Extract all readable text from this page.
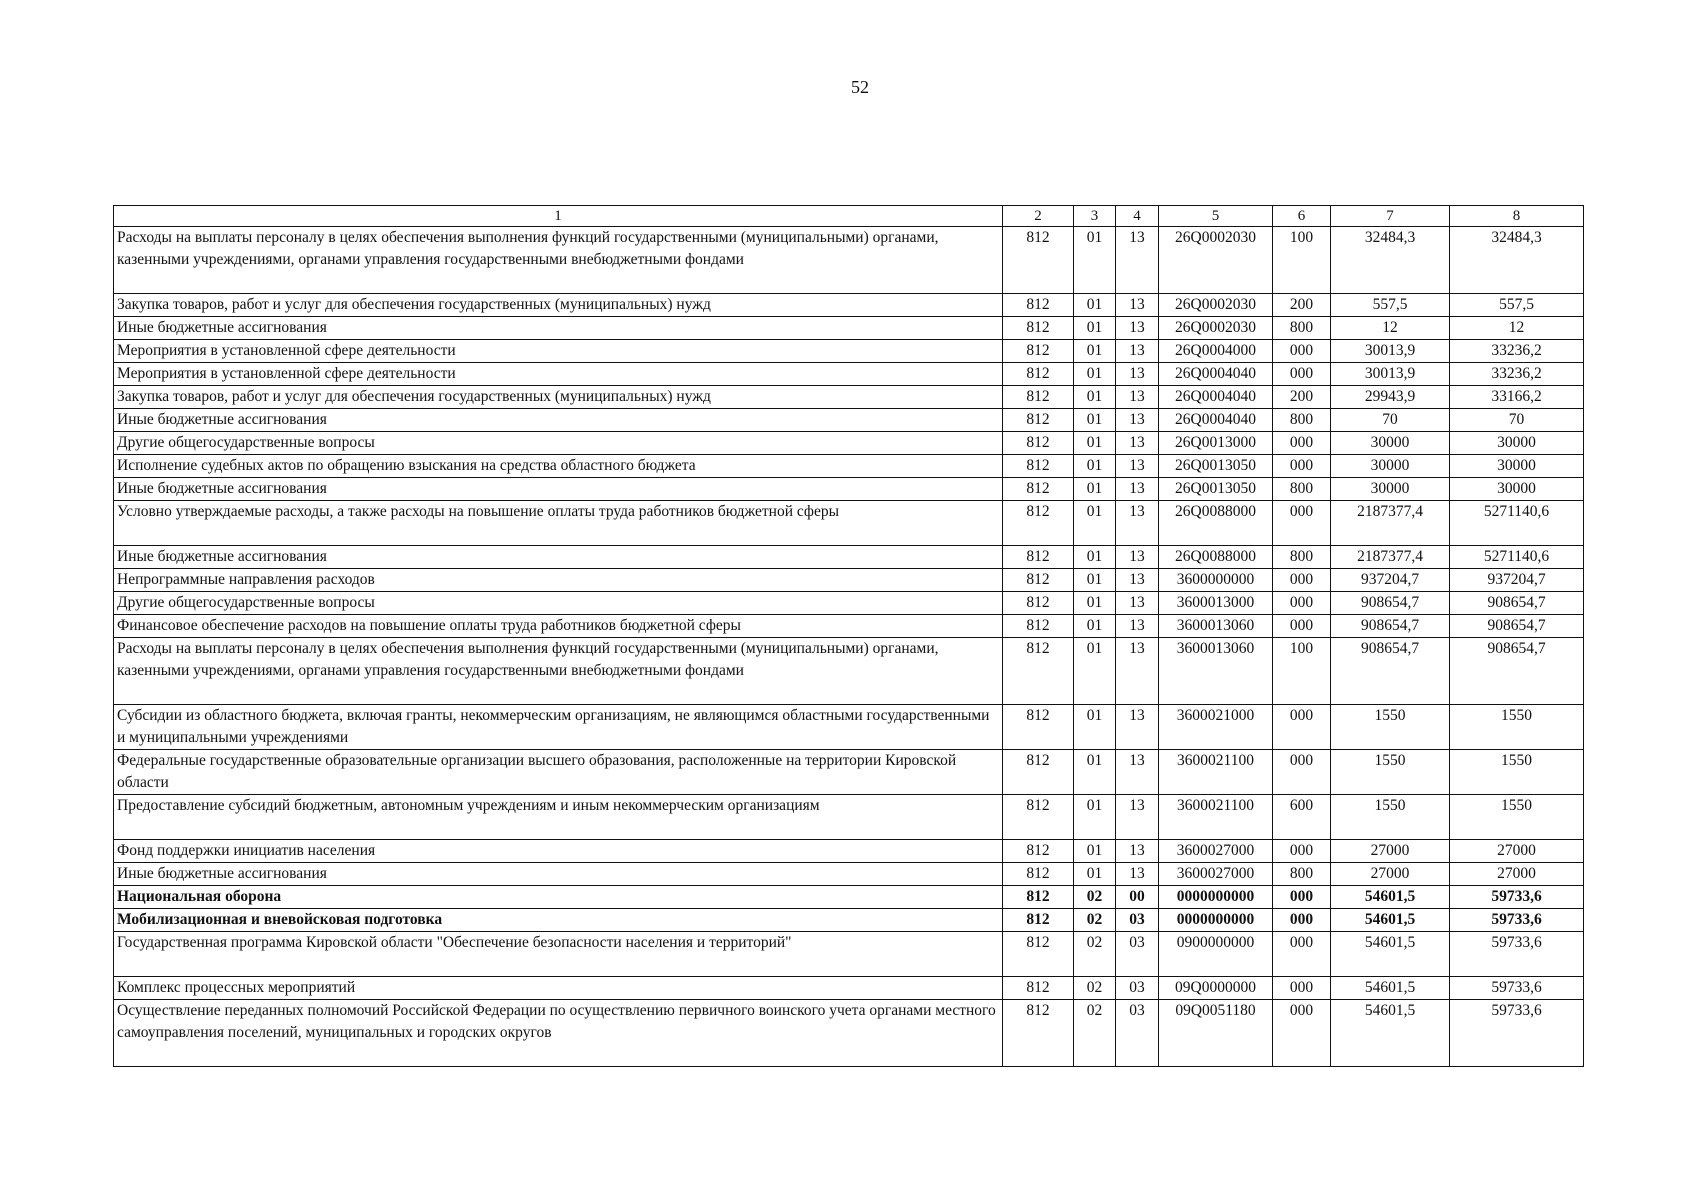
52
1	2	3	4	5	6	7	8
Расходы на выплаты персоналу в целях обеспечения выполнения функций государственными (муниципальными) органами, казенными учреждениями, органами управления государственными внебюджетными фондами	812	01	13	26Q0002030	100	32484,3	32484,3
Закупка товаров, работ и услуг для обеспечения государственных (муниципальных) нужд	812	01	13	26Q0002030	200	557,5	557,5
Иные бюджетные ассигнования	812	01	13	26Q0002030	800	12	12
Мероприятия в установленной сфере деятельности	812	01	13	26Q0004000	000	30013,9	33236,2
Мероприятия в установленной сфере деятельности	812	01	13	26Q0004040	000	30013,9	33236,2
Закупка товаров, работ и услуг для обеспечения государственных (муниципальных) нужд	812	01	13	26Q0004040	200	29943,9	33166,2
Иные бюджетные ассигнования	812	01	13	26Q0004040	800	70	70
Другие общегосударственные вопросы	812	01	13	26Q0013000	000	30000	30000
Исполнение судебных актов по обращению взыскания на средства областного бюджета	812	01	13	26Q0013050	000	30000	30000
Иные бюджетные ассигнования	812	01	13	26Q0013050	800	30000	30000
Условно утверждаемые расходы, а также расходы на повышение оплаты труда работников бюджетной сферы	812	01	13	26Q0088000	000	2187377,4	5271140,6
Иные бюджетные ассигнования	812	01	13	26Q0088000	800	2187377,4	5271140,6
Непрограммные направления расходов	812	01	13	3600000000	000	937204,7	937204,7
Другие общегосударственные вопросы	812	01	13	3600013000	000	908654,7	908654,7
Финансовое обеспечение расходов на повышение оплаты труда работников бюджетной сферы	812	01	13	3600013060	000	908654,7	908654,7
Расходы на выплаты персоналу в целях обеспечения выполнения функций государственными (муниципальными) органами, казенными учреждениями, органами управления государственными внебюджетными фондами	812	01	13	3600013060	100	908654,7	908654,7
Субсидии из областного бюджета, включая гранты, некоммерческим организациям, не являющимся областными государственными и муниципальными учреждениями	812	01	13	3600021000	000	1550	1550
Федеральные государственные образовательные организации высшего образования, расположенные на территории Кировской области	812	01	13	3600021100	000	1550	1550
Предоставление субсидий бюджетным, автономным учреждениям и иным некоммерческим организациям	812	01	13	3600021100	600	1550	1550
Фонд поддержки инициатив населения	812	01	13	3600027000	000	27000	27000
Иные бюджетные ассигнования	812	01	13	3600027000	800	27000	27000
Национальная оборона	812	02	00	0000000000	000	54601,5	59733,6
Мобилизационная и вневойсковая подготовка	812	02	03	0000000000	000	54601,5	59733,6
Государственная программа Кировской области "Обеспечение безопасности населения и территорий"	812	02	03	0900000000	000	54601,5	59733,6
Комплекс процессных мероприятий	812	02	03	09Q0000000	000	54601,5	59733,6
Осуществление переданных полномочий Российской Федерации по осуществлению первичного воинского учета органами местного самоуправления поселений, муниципальных и городских округов	812	02	03	09Q0051180	000	54601,5	59733,6
